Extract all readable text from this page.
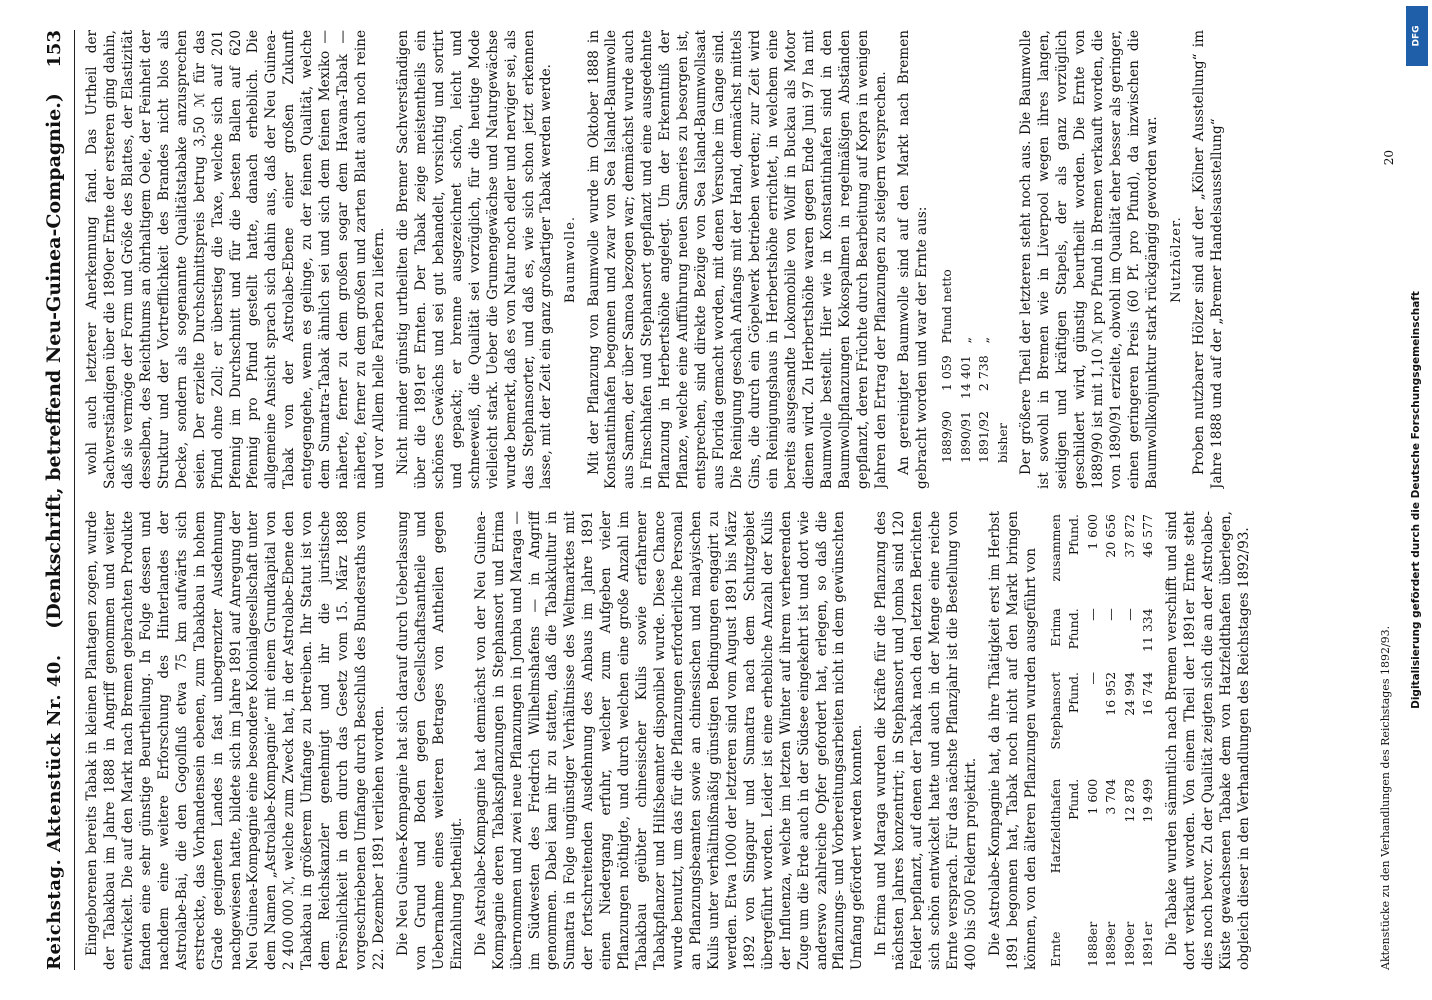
Reichstag. Aktenstück Nr. 40.
(Denkschrift, betreffend Neu-Guinea-Compagnie.)
153

Eingeborenen bereits Tabak in kleinen Plantagen zogen, wurde der Tabakbau im Jahre 1888 in Angriff genommen und weiter entwickelt. Die auf den Markt nach Bremen gebrachten Produkte fanden eine sehr günstige Beurtheilung. In Folge dessen und nachdem eine weitere Erforschung des Hinterlandes der Astrolabe-Bai, die den Gogolfluß etwa 75 km aufwärts sich erstreckte, das Vorhandensein ebenen, zum Tabakbau in hohem Grade geeigneten Landes in fast unbegrenzter Ausdehnung nachgewiesen hatte, bildete sich im Jahre 1891 auf Anregung der Neu Guinea-Kompagnie eine besondere Kolonialgesellschaft unter dem Namen „Astrolabe-Kompagnie“ mit einem Grundkapital von 2 400 000 ℳ, welche zum Zweck hat, in der Astrolabe-Ebene den Tabakbau in größerem Umfange zu betreiben. Ihr Statut ist von dem Reichskanzler genehmigt und ihr die juristische Persönlichkeit in dem durch das Gesetz vom 15. März 1888 vorgeschriebenen Umfange durch Beschluß des Bundesraths vom 22. Dezember 1891 verliehen worden. Die Neu Guinea-Kompagnie hat sich darauf durch Ueberlassung von Grund und Boden gegen Gesellschaftsantheile und Uebernahme eines weiteren Betrages von Antheilen gegen Einzahlung betheiligt. Die Astrolabe-Kompagnie hat demnächst von der Neu Guinea-Kompagnie deren Tabakspflanzungen in Stephansort und Erima übernommen und zwei neue Pflanzungen in Jomba und Maraga — im Südwesten des Friedrich Wilhelmshafens — in Angriff genommen. Dabei kam ihr zu statten, daß die Tabakkultur in Sumatra in Folge ungünstiger Verhältnisse des Weltmarktes mit der fortschreitenden Ausdehnung des Anbaus im Jahre 1891 einen Niedergang erfuhr, welcher zum Aufgeben vieler Pflanzungen nöthigte, und durch welchen eine große Anzahl im Tabakbau geübter chinesischer Kulis sowie erfahrener Tabakpflanzer und Hilfsbeamter disponibel wurde. Diese Chance wurde benutzt, um das für die Pflanzungen erforderliche Personal an Pflanzungsbeamten sowie an chinesischen und malayischen Kulis unter verhältnißmäßig günstigen Bedingungen engagirt zu werden. Etwa 1000 der letzteren sind vom August 1891 bis März 1892 von Singapur und Sumatra nach dem Schutzgebiet übergeführt worden. Leider ist eine erhebliche Anzahl der Kulis der Influenza, welche im letzten Winter auf ihrem verheerenden Zuge um die Erde auch in der Südsee eingekehrt ist und dort wie anderswo zahlreiche Opfer gefordert hat, erlegen, so daß die Pflanzungs- und Vorbereitungsarbeiten nicht in dem gewünschten Umfang gefördert werden konnten. In Erima und Maraga wurden die Kräfte für die Pflanzung des nächsten Jahres konzentrirt; in Stephansort und Jomba sind 120 Felder bepflanzt, auf denen der Tabak nach den letzten Berichten sich schön entwickelt hatte und auch in der Menge eine reiche Ernte versprach. Für das nächste Pflanzjahr ist die Bestellung von 400 bis 500 Feldern projektirt. Die Astrolabe-Kompagnie hat, da ihre Thätigkeit erst im Herbst 1891 begonnen hat, Tabak noch nicht auf den Markt bringen können, von den älteren Pflanzungen wurden ausgeführt von Ernte	Hatzfeldthafen	Stephansort	Erima	zusammen
	Pfund.	Pfund.	Pfund.	Pfund.
1888er	1 600	—	—	1 600
1889er	3 704	16 952	—	20 656
1890er	12 878	24 994	—	37 872
1891er	19 499	16 744	11 334	46 577 Die Tabake wurden sämmtlich nach Bremen verschifft und sind dort verkauft worden. Von einem Theil der 1891er Ernte steht dies noch bevor. Zu der Qualität zeigten sich die an der Astrolabe-Küste gewachsenen Tabake dem von Hatzfeldthafen überlegen, obgleich dieser in den Verhandlungen des Reichstages 1892/93.

wohl auch letzterer Anerkennung fand. Das Urtheil der Sachverständigen über die 1890er Ernte der ersteren ging dahin, daß sie vermöge der Form und Größe des Blattes, der Elastizität desselben, des Reichthums an öhrhaltigem Oele, der Feinheit der Struktur und der Vortrefflichkeit des Brandes nicht blos als Decke, sondern als sogenannte Qualitätstabake anzusprechen seien. Der erzielte Durchschnittspreis betrug 3,50 ℳ für das Pfund ohne Zoll; er überstieg die Taxe, welche sich auf 201 Pfennig im Durchschnitt und für die besten Ballen auf 620 Pfennig pro Pfund gestellt hatte, danach erheblich. Die allgemeine Ansicht sprach sich dahin aus, daß der Neu Guinea-Tabak von der Astrolabe-Ebene einer großen Zukunft entgegengehe, wenn es gelinge, zu der feinen Qualität, welche dem Sumatra-Tabak ähnlich sei und sich dem feinen Mexiko — näherte, ferner zu dem großen sogar dem Havana-Tabak — näherte, ferner zu dem großen und zarten Blatt auch noch reine und vor Allem helle Farben zu liefern. Nicht minder günstig urtheilten die Bremer Sachverständigen über die 1891er Ernten. Der Tabak zeige meistentheils ein schönes Gewächs und sei gut behandelt, vorsichtig und sortirt und gepackt; er brenne ausgezeichnet schön, leicht und schneeweiß, die Qualität sei vorzüglich, für die heutige Mode vielleicht stark. Ueber die Grumengewächse und Naturgewächse wurde bemerkt, daß es von Natur noch edler und nerviger sei, als das Stephansorter, und daß es, wie sich schon jetzt erkennen lasse, mit der Zeit ein ganz großartiger Tabak werden werde. Baumwolle. Mit der Pflanzung von Baumwolle wurde im Oktober 1888 in Konstantinhafen begonnen und zwar von Sea Island-Baumwolle aus Samen, der über Samoa bezogen war; demnächst wurde auch in Finschhafen und Stephansort gepflanzt und eine ausgedehnte Pflanzung in Herbertshöhe angelegt. Um der Erkenntniß der Pflanze, welche eine Aufführung neuen Sameries zu besorgen ist, entsprechen, sind direkte Bezüge von Sea Island-Baumwollsaat aus Florida gemacht worden, mit denen Versuche im Gange sind. Die Reinigung geschah Anfangs mit der Hand, demnächst mittels Gins, die durch ein Göpelwerk betrieben werden; zur Zeit wird ein Reinigungshaus in Herbertshöhe errichtet, in welchem eine bereits ausgesandte Lokomobile von Wolff in Buckau als Motor dienen wird. Zu Herbertshöhe waren gegen Ende Juni 97 ha mit Baumwolle bestellt. Hier wie in Konstantinhafen sind in den Baumwollpflanzungen Kokospalmen in regelmäßigen Abständen gepflanzt, deren Früchte durch Bearbeitung auf Kopra in wenigen Jahren den Ertrag der Pflanzungen zu steigern versprechen. An gereinigter Baumwolle sind auf den Markt nach Bremen gebracht worden und war der Ernte aus: 1889/90	1 059	Pfund netto
1890/91	14 401	„
1891/92	2 738	„
bisher		Der größere Theil der letzteren steht noch aus. Die Baumwolle ist sowohl in Bremen wie in Liverpool wegen ihres langen, seidigen und kräftigen Stapels, der als ganz vorzüglich geschildert wird, günstig beurtheilt worden. Die Ernte von 1889/90 ist mit 1,10 ℳ pro Pfund in Bremen verkauft worden, die von 1890/91 erzielte, obwohl im Qualität eher besser als geringer, einen geringeren Preis (60 Pf. pro Pfund), da inzwischen die Baumwollkonjunktur stark rückgängig geworden war. Nutzhölzer. Proben nutzbarer Hölzer sind auf der „Kölner Ausstellung“ im Jahre 1888 und auf der „Bremer Handelsausstellung“

Aktenstücke zu den Verhandlungen des Reichstages 1892/93.
20
DFG
Digitalisierung gefördert durch die Deutsche Forschungsgemeinschaft
